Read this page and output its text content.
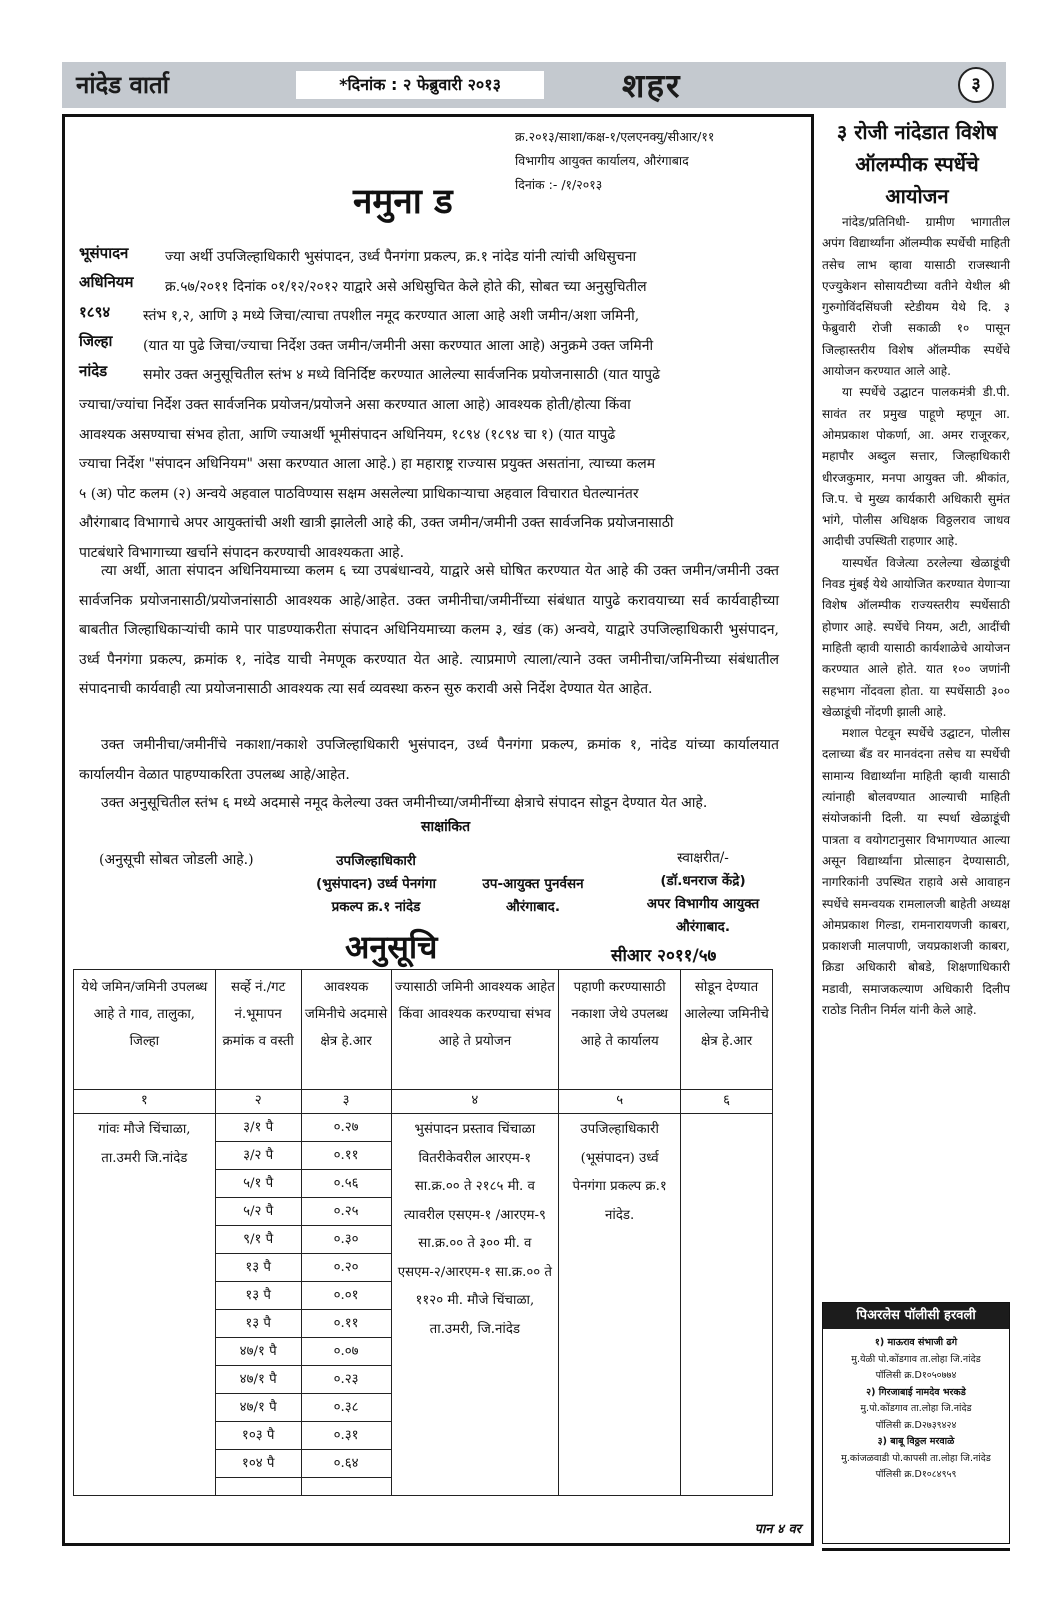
नांदेड वार्ता	*दिनांक : २ फेब्रुवारी २०१३	शहर	३
क्र.२०१३/साशा/कक्ष-१/एलएनक्यु/सीआर/११
विभागीय आयुक्त कार्यालय, औरंगाबाद
दिनांक :- /१/२०१३
नमुना ड
भूसंपादन
अधिनियम
१८९४
जिल्हा
नांदेड
ज्या अर्थी उपजिल्हाधिकारी भुसंपादन, उर्ध्व पैनगंगा प्रकल्प, क्र.१ नांदेड यांनी त्यांची अधिसुचना
क्र.५७/२०११ दिनांक ०१/१२/२०१२ याद्वारे असे अधिसुचित केले होते की, सोबत च्या अनुसुचितील
स्तंभ १,२, आणि ३ मध्ये जिचा/त्याचा तपशील नमूद करण्यात आला आहे अशी जमीन/अशा जमिनी,
(यात या पुढे जिचा/ज्याचा निर्देश उक्त जमीन/जमीनी असा करण्यात आला आहे) अनुक्रमे उक्त जमिनी
समोर उक्त अनुसूचितील स्तंभ ४ मध्ये विनिर्दिष्ट करण्यात आलेल्या सार्वजनिक प्रयोजनासाठी (यात यापुढे
ज्याचा/ज्यांचा निर्देश उक्त सार्वजनिक प्रयोजन/प्रयोजने असा करण्यात आला आहे) आवश्यक होती/होत्या किंवा
आवश्यक असण्याचा संभव होता, आणि ज्याअर्थी भूमीसंपादन अधिनियम, १८९४ (१८९४ चा १) (यात यापुढे
ज्याचा निर्देश "संपादन अधिनियम" असा करण्यात आला आहे.) हा महाराष्ट्र राज्यास प्रयुक्त असतांना, त्याच्या कलम
५ (अ) पोट कलम (२) अन्वये अहवाल पाठविण्यास सक्षम असलेल्या प्राधिकाऱ्याचा अहवाल विचारात घेतल्यानंतर
औरंगाबाद विभागाचे अपर आयुक्तांची अशी खात्री झालेली आहे की, उक्त जमीन/जमीनी उक्त सार्वजनिक प्रयोजनासाठी
पाटबंधारे विभागाच्या खर्चाने संपादन करण्याची आवश्यकता आहे.
त्या अर्थी, आता संपादन अधिनियमाच्या कलम ६ च्या उपबंधान्वये, याद्वारे असे घोषित करण्यात येत आहे की उक्त जमीन/जमीनी उक्त सार्वजनिक प्रयोजनासाठी/प्रयोजनांसाठी आवश्यक आहे/आहेत. उक्त जमीनीचा/जमीनींच्या संबंधात यापुढे करावयाच्या सर्व कार्यवाहीच्या बाबतीत जिल्हाधिकाऱ्यांची कामे पार पाडण्याकरीता संपादन अधिनियमाच्या कलम ३, खंड (क) अन्वये, याद्वारे उपजिल्हाधिकारी भुसंपादन, उर्ध्व पैनगंगा प्रकल्प, क्रमांक १, नांदेड याची नेमणूक करण्यात येत आहे. त्याप्रमाणे त्याला/त्याने उक्त जमीनीचा/जमिनीच्या संबंधातील संपादनाची कार्यवाही त्या प्रयोजनासाठी आवश्यक त्या सर्व व्यवस्था करुन सुरु करावी असे निर्देश देण्यात येत आहेत.
उक्त जमीनीचा/जमीनींचे नकाशा/नकाशे उपजिल्हाधिकारी भुसंपादन, उर्ध्व पैनगंगा प्रकल्प, क्रमांक १, नांदेड यांच्या कार्यालयात कार्यालयीन वेळात पाहण्याकरिता उपलब्ध आहे/आहेत.
उक्त अनुसूचितील स्तंभ ६ मध्ये अदमासे नमूद केलेल्या उक्त जमीनीच्या/जमीनींच्या क्षेत्राचे संपादन सोडून देण्यात येत आहे.
साक्षांकित
(अनुसूची सोबत जोडली आहे.)	उपजिल्हाधिकारी
(भुसंपादन) उर्ध्व पेनगंगा
प्रकल्प क्र.१ नांदेड
उप-आयुक्त पुनर्वसन
औरंगाबाद.
स्वाक्षरीत/-
(डॉ.धनराज केंद्रे)
अपर विभागीय आयुक्त
औरंगाबाद.
अनुसूचि	सीआर २०११/५७
येथे जमिन/जमिनी उपलब्ध आहे ते गाव, तालुका, जिल्हा	सर्व्हे नं./गट नं.भूमापन क्रमांक व वस्ती	आवश्यक जमिनीचे अदमासे क्षेत्र हे.आर	ज्यासाठी जमिनी आवश्यक आहेत किंवा आवश्यक करण्याचा संभव आहे ते प्रयोजन	पहाणी करण्यासाठी नकाशा जेथे उपलब्ध आहे ते कार्यालय	सोडून देण्यात आलेल्या जमिनीचे क्षेत्र हे.आर
१	२	३	४	५	६
गांवः मौजे चिंचाळा, ता.उमरी जि.नांदेड	३/१ पै	०.२७	भुसंपादन प्रस्ताव चिंचाळा वितरीकेवरील आरएम-१ सा.क्र.०० ते २१८५ मी. व त्यावरील एसएम-१ /आरएम-९ सा.क्र.०० ते ३०० मी. व एसएम-२/आरएम-१ सा.क्र.०० ते ११२० मी. मौजे चिंचाळा, ता.उमरी, जि.नांदेड	उपजिल्हाधिकारी (भूसंपादन) उर्ध्व पेनगंगा प्रकल्प क्र.१ नांदेड.	
	३/२ पै	०.११			
	५/१ पै	०.५६			
	५/२ पै	०.२५			
	९/१ पै	०.३०			
	१३ पै	०.२०			
	१३ पै	०.०१			
	१३ पै	०.११			
	४७/१ पै	०.०७			
	४७/१ पै	०.२३			
	४७/१ पै	०.३८			
	१०३ पै	०.३१			
	१०४ पै	०.६४			

पान ४ वर
३ रोजी नांदेडात विशेष ऑलम्पीक स्पर्धेचे आयोजन

नांदेड/प्रतिनिधी- ग्रामीण भागातील अपंग विद्यार्थ्यांना ऑलम्पीक स्पर्धेची माहिती तसेच लाभ व्हावा यासाठी राजस्थानी एज्युकेशन सोसायटीच्या वतीने येथील श्री गुरुगोविंदसिंघजी स्टेडीयम येथे दि. ३ फेब्रुवारी रोजी सकाळी १० पासून जिल्हास्तरीय विशेष ऑलम्पीक स्पर्धेचे आयोजन करण्यात आले आहे.

या स्पर्धेचे उद्घाटन पालकमंत्री डी.पी. सावंत तर प्रमुख पाहूणे म्हणून आ. ओमप्रकाश पोकर्णा, आ. अमर राजूरकर, महापौर अब्दुल सत्तार, जिल्हाधिकारी धीरजकुमार, मनपा आयुक्त जी. श्रीकांत, जि.प. चे मुख्य कार्यकारी अधिकारी सुमंत भांगे, पोलीस अधिक्षक विठ्ठलराव जाधव आदीची उपस्थिती राहणार आहे.

यास्पर्धेत विजेत्या ठरलेल्या खेळाडूंची निवड मुंबई येथे आयोजित करण्यात येणाऱ्या विशेष ऑलम्पीक राज्यस्तरीय स्पर्धेसाठी होणार आहे. स्पर्धेचे नियम, अटी, आदींची माहिती व्हावी यासाठी कार्यशाळेचे आयोजन करण्यात आले होते. यात १०० जणांनी सहभाग नोंदवला होता. या स्पर्धेसाठी ३०० खेळाडूंची नोंदणी झाली आहे.

मशाल पेटवून स्पर्धेचे उद्घाटन, पोलीस दलाच्या बँड वर मानवंदना तसेच या स्पर्धेची सामान्य विद्यार्थ्यांना माहिती व्हावी यासाठी त्यांनाही बोलवण्यात आल्याची माहिती संयोजकांनी दिली. या स्पर्धा खेळाडूंची पात्रता व वयोगटानुसार विभागण्यात आल्या असून विद्यार्थ्यांना प्रोत्साहन देण्यासाठी, नागरिकांनी उपस्थित राहावे असे आवाहन स्पर्धेचे समन्वयक रामलालजी बाहेती अध्यक्ष ओमप्रकाश गिल्डा, रामनारायणजी काबरा, प्रकाशजी मालपाणी, जयप्रकाशजी काबरा, क्रिडा अधिकारी बोबडे, शिक्षणाधिकारी मडावी, समाजकल्याण अधिकारी दिलीप राठोड नितीन निर्मल यांनी केले आहे.

पिअरलेस पॉलीसी हरवली
१) माऊराव संभाजी ढगे
मु.येळी पो.कोंडगाव ता.लोहा जि.नांदेड
पॉलिसी क्र.D१०५०७७४
२) गिरजाबाई नामदेव भरकडे
मु.पो.कोंडगाव ता.लोहा जि.नांदेड
पॉलिसी क्र.D२७३९४२४
३) बाबू विठ्ठल मरवाळे
मु.कांजळवाडी पो.कापसी ता.लोहा जि.नांदेड
पॉलिसी क्र.D१०८४९५९
